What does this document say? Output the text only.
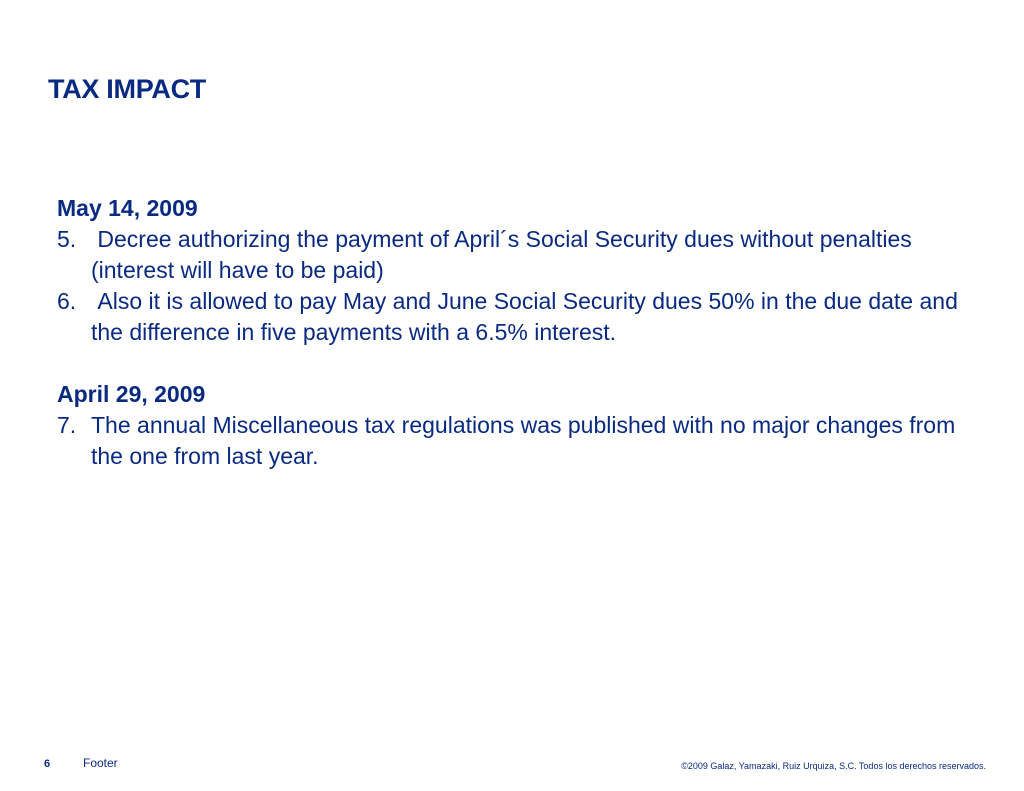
TAX IMPACT

May 14, 2009

5. Decree authorizing the payment of April´s Social Security dues without penalties (interest will have to be paid)
6. Also it is allowed to pay May and June Social Security dues 50% in the due date and the difference in five payments with a 6.5% interest.

April 29, 2009

7. The annual Miscellaneous tax regulations was published with no major changes from the one from last year.
6	Footer	©2009 Galaz, Yamazaki, Ruiz Urquiza, S.C. Todos los derechos reservados.
